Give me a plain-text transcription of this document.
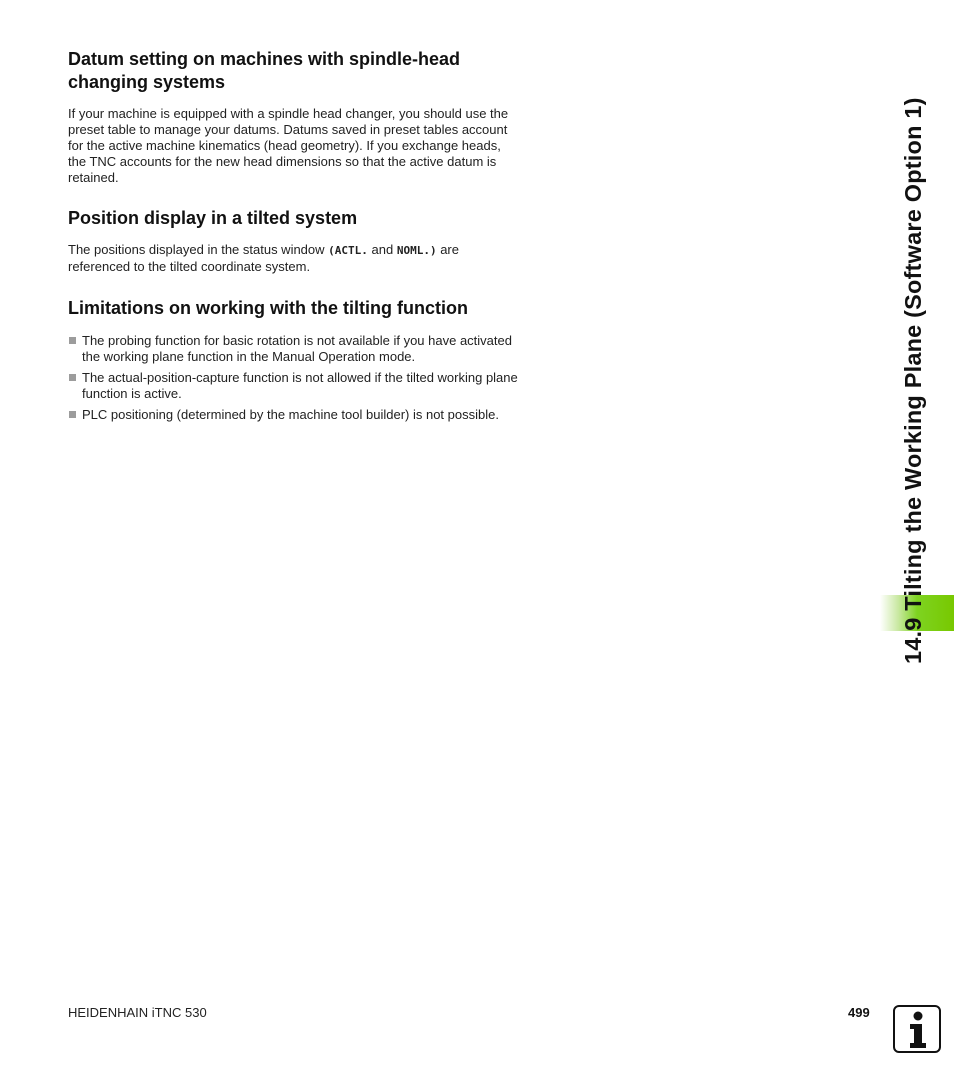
Datum setting on machines with spindle-head changing systems

If your machine is equipped with a spindle head changer, you should use the preset table to manage your datums. Datums saved in preset tables account for the active machine kinematics (head geometry). If you exchange heads, the TNC accounts for the new head dimensions so that the active datum is retained.

Position display in a tilted system

The positions displayed in the status window (ACTL. and NOML.) are referenced to the tilted coordinate system.

Limitations on working with the tilting function
The probing function for basic rotation is not available if you have activated the working plane function in the Manual Operation mode.
The actual-position-capture function is not allowed if the tilted working plane function is active.
PLC positioning (determined by the machine tool builder) is not possible.	14.9 Tilting the Working Plane (Software Option 1)
HEIDENHAIN iTNC 530	499
